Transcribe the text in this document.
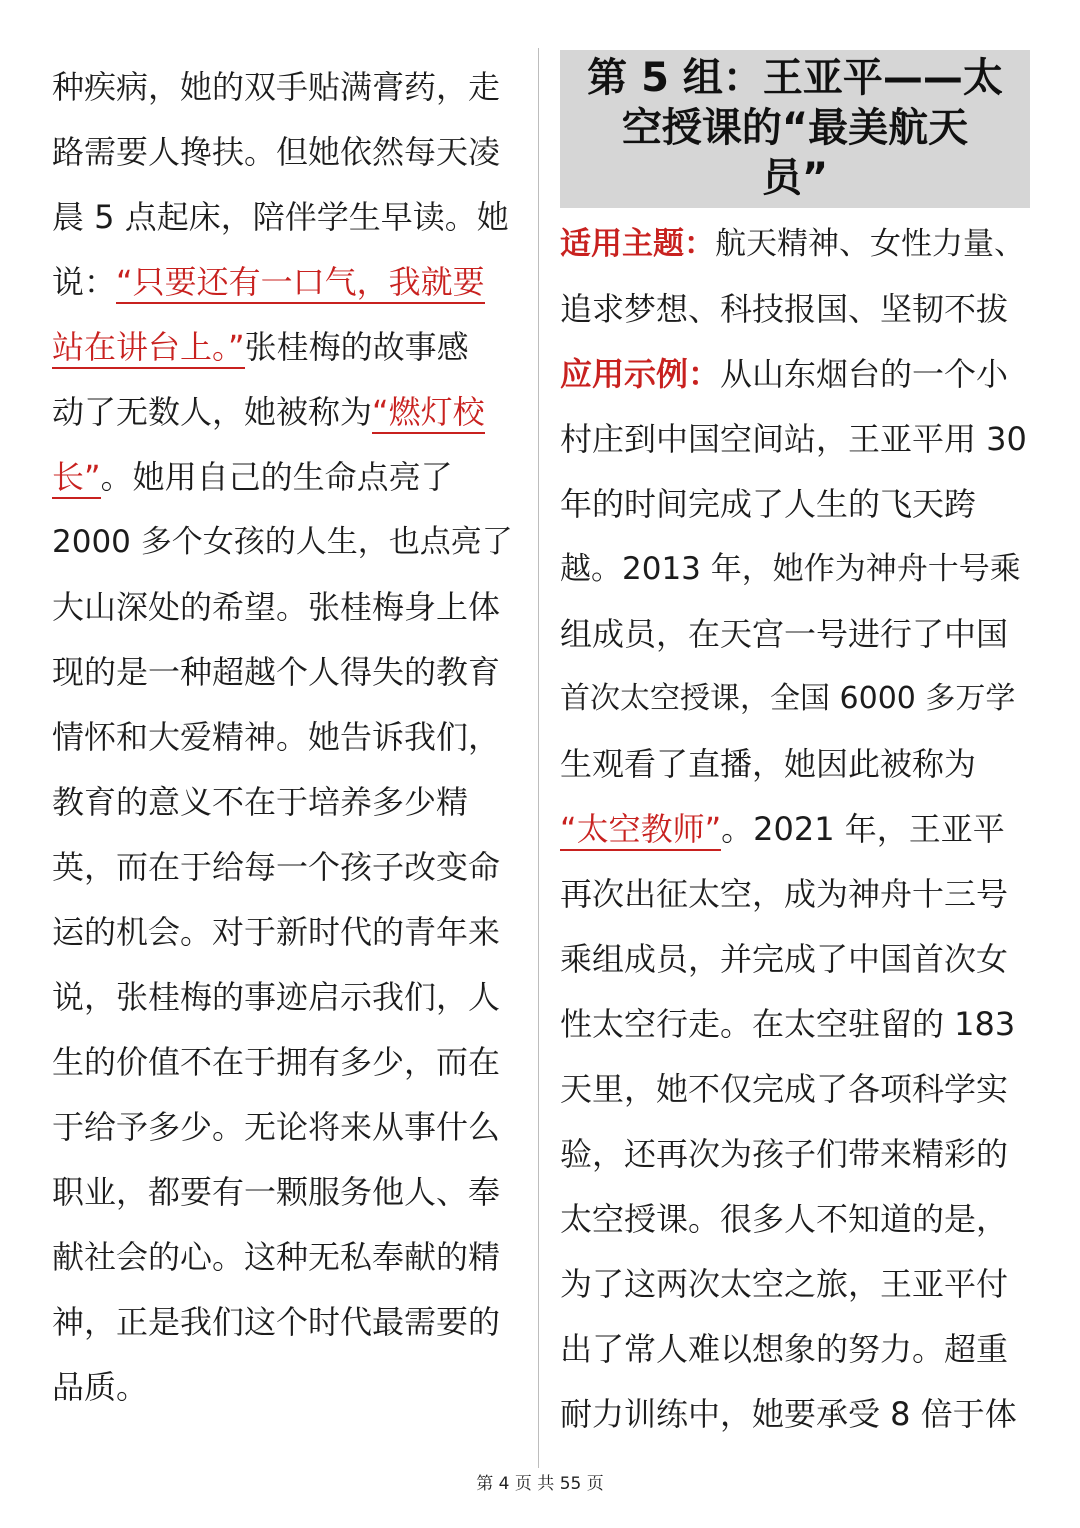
种疾病，她的双手贴满膏药，走
路需要人搀扶。但她依然每天凌
晨 5 点起床，陪伴学生早读。她
说：“只要还有一口气，我就要
站在讲台上。”张桂梅的故事感
动了无数人，她被称为“燃灯校
长”。她用自己的生命点亮了
2000 多个女孩的人生，也点亮了
大山深处的希望。张桂梅身上体
现的是一种超越个人得失的教育
情怀和大爱精神。她告诉我们，
教育的意义不在于培养多少精
英，而在于给每一个孩子改变命
运的机会。对于新时代的青年来
说，张桂梅的事迹启示我们，人
生的价值不在于拥有多少，而在
于给予多少。无论将来从事什么
职业，都要有一颗服务他人、奉
献社会的心。这种无私奉献的精
神，正是我们这个时代最需要的
品质。
第 5 组：王亚平——太
空授课的“最美航天
员”
适用主题：航天精神、女性力量、
追求梦想、科技报国、坚韧不拔
应用示例：从山东烟台的一个小
村庄到中国空间站，王亚平用 30
年的时间完成了人生的飞天跨
越。2013 年，她作为神舟十号乘
组成员，在天宫一号进行了中国
首次太空授课，全国 6000 多万学
生观看了直播，她因此被称为
“太空教师”。2021 年，王亚平
再次出征太空，成为神舟十三号
乘组成员，并完成了中国首次女
性太空行走。在太空驻留的 183
天里，她不仅完成了各项科学实
验，还再次为孩子们带来精彩的
太空授课。很多人不知道的是，
为了这两次太空之旅，王亚平付
出了常人难以想象的努力。超重
耐力训练中，她要承受 8 倍于体
第 4 页 共 55 页
